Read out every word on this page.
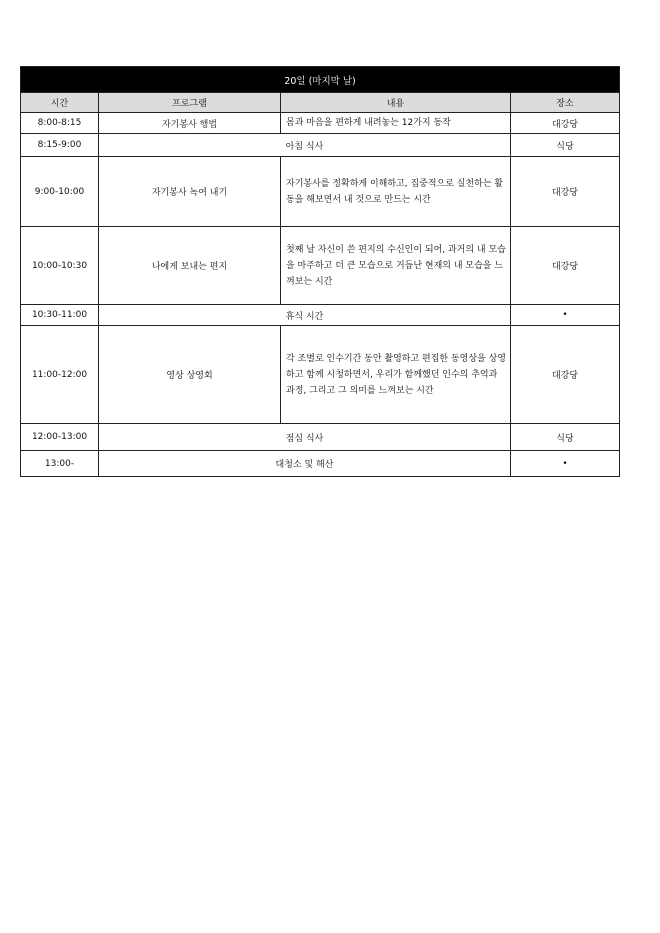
20일 (마지막 날)			
시간	프로그램	내용	장소
8:00-8:15	자기봉사 행법	몸과 마음을 편하게 내려놓는 12가지 동작	대강당
8:15-9:00	아침 식사		식당
9:00-10:00	자기봉사 녹여 내기	자기봉사를 정확하게 이해하고, 집중적으로 실천하는 활동을 해보면서 내 것으로 만드는 시간	대강당
10:00-10:30	나에게 보내는 편지	첫째 날 자신이 쓴 편지의 수신인이 되어, 과거의 내 모습을 마주하고 더 큰 모습으로 거듭난 현재의 내 모습을 느껴보는 시간	대강당
10:30-11:00	휴식 시간		•
11:00-12:00	영상 상영회	각 조별로 인수기간 동안 촬영하고 편집한 동영상을 상영하고 함께 시청하면서, 우리가 함께했던 인수의 추억과 과정, 그리고 그 의미를 느껴보는 시간	대강당
12:00-13:00	점심 식사		식당
13:00-	대청소 및 해산		•
